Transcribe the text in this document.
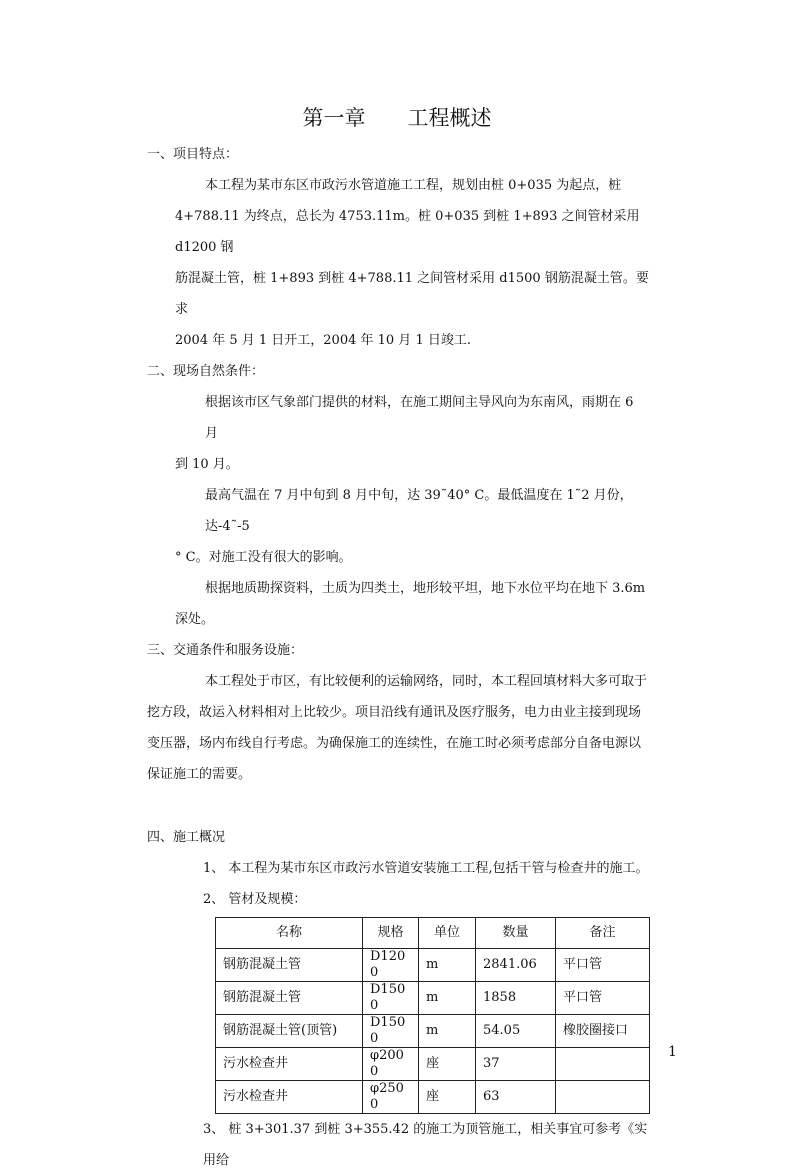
第一章　　工程概述
一、项目特点：
本工程为某市东区市政污水管道施工工程，规划由桩 0+035 为起点，桩
4+788.11 为终点，总长为 4753.11m。桩 0+035 到桩 1+893 之间管材采用 d1200 钢
筋混凝土管，桩 1+893 到桩 4+788.11 之间管材采用 d1500 钢筋混凝土管。要求
2004 年 5 月 1 日开工，2004 年 10 月 1 日竣工.
二、现场自然条件：
根据该市区气象部门提供的材料，在施工期间主导风向为东南风，雨期在 6 月
到 10 月。
最高气温在 7 月中旬到 8 月中旬，达 39˜40° C。最低温度在 1˜2 月份，达-4˜-5
° C。对施工没有很大的影响。
根据地质勘探资料，土质为四类土，地形较平坦，地下水位平均在地下 3.6m
深处。
三、交通条件和服务设施：
本工程处于市区，有比较便利的运输网络，同时，本工程回填材料大多可取于
挖方段，故运入材料相对上比较少。项目沿线有通讯及医疗服务，电力由业主接到现场
变压器，场内布线自行考虑。为确保施工的连续性，在施工时必须考虑部分自备电源以
保证施工的需要。
四、施工概况
1、 本工程为某市东区市政污水管道安装施工工程,包括干管与检查井的施工。
2、 管材及规模：
名称	规格	单位	数量	备注
钢筋混凝土管	D1200	m	2841.06	平口管
钢筋混凝土管	D1500	m	1858	平口管
钢筋混凝土管(顶管)	D1500	m	54.05	橡胶圈接口
污水检查井	φ2000	座	37	
污水检查井	φ2500	座	63	
3、 桩 3+301.37 到桩 3+355.42 的施工为顶管施工，相关事宜可参考《实用给
1
